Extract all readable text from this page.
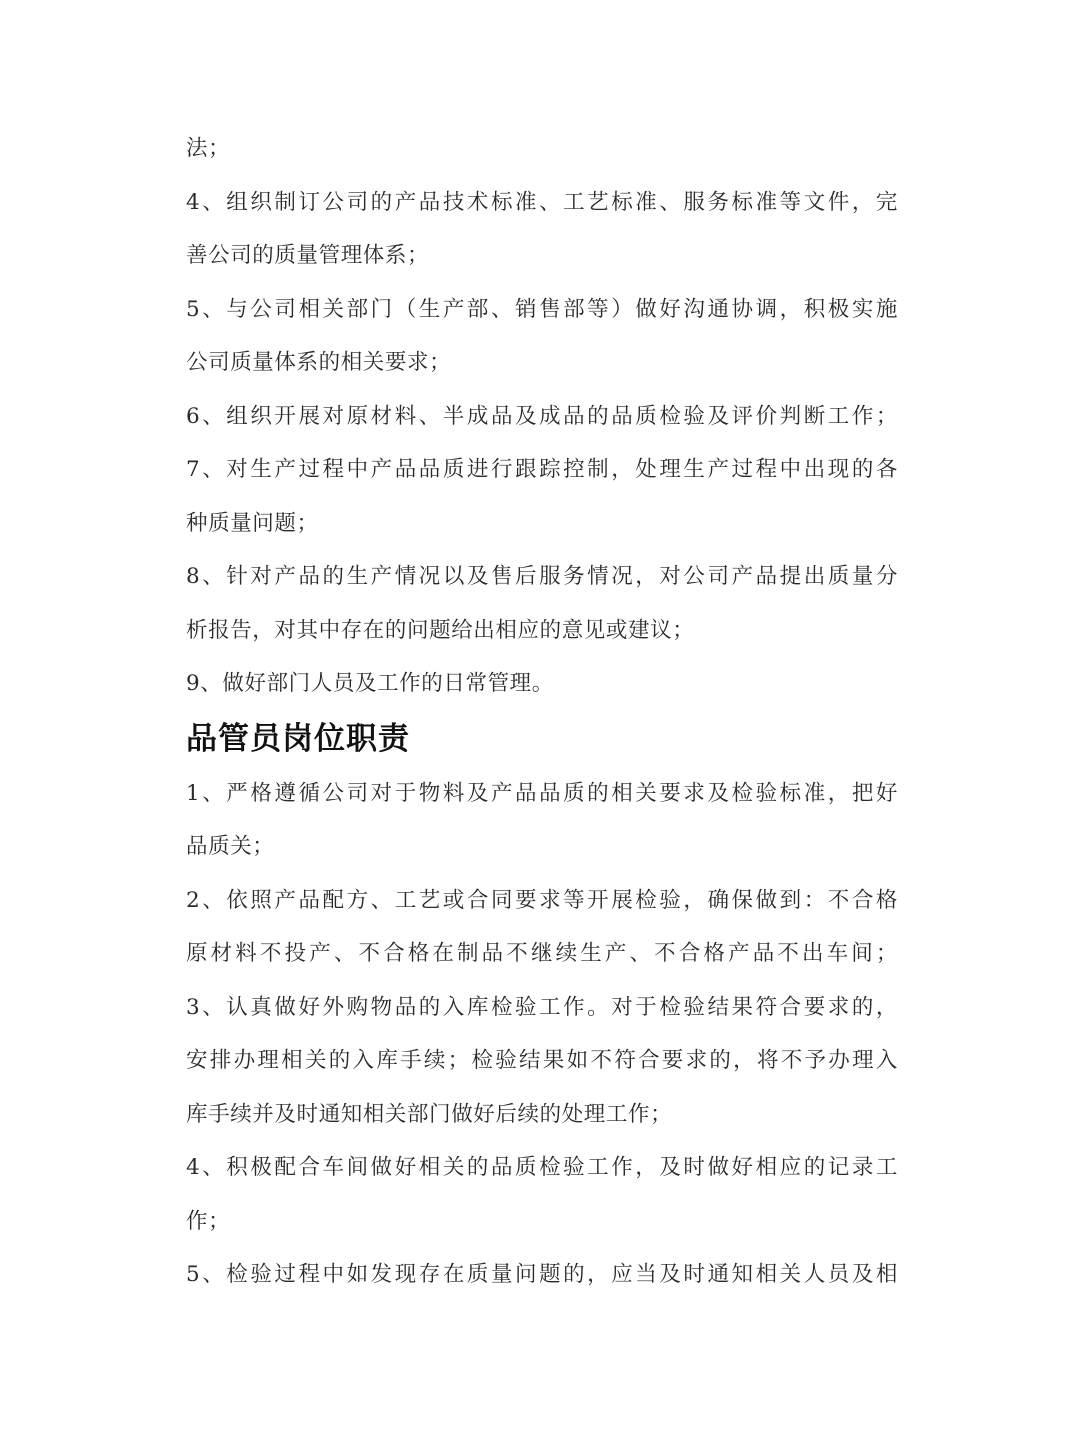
法；
4、组织制订公司的产品技术标准、工艺标准、服务标准等文件，完
善公司的质量管理体系；
5、与公司相关部门（生产部、销售部等）做好沟通协调，积极实施
公司质量体系的相关要求；
6、组织开展对原材料、半成品及成品的品质检验及评价判断工作；
7、对生产过程中产品品质进行跟踪控制，处理生产过程中出现的各
种质量问题；
8、针对产品的生产情况以及售后服务情况，对公司产品提出质量分
析报告，对其中存在的问题给出相应的意见或建议；
9、做好部门人员及工作的日常管理。
品管员岗位职责
1、严格遵循公司对于物料及产品品质的相关要求及检验标准，把好
品质关；
2、依照产品配方、工艺或合同要求等开展检验，确保做到：不合格
原材料不投产、不合格在制品不继续生产、不合格产品不出车间；
3、认真做好外购物品的入库检验工作。对于检验结果符合要求的，
安排办理相关的入库手续；检验结果如不符合要求的，将不予办理入
库手续并及时通知相关部门做好后续的处理工作；
4、积极配合车间做好相关的品质检验工作，及时做好相应的记录工
作；
5、检验过程中如发现存在质量问题的，应当及时通知相关人员及相
